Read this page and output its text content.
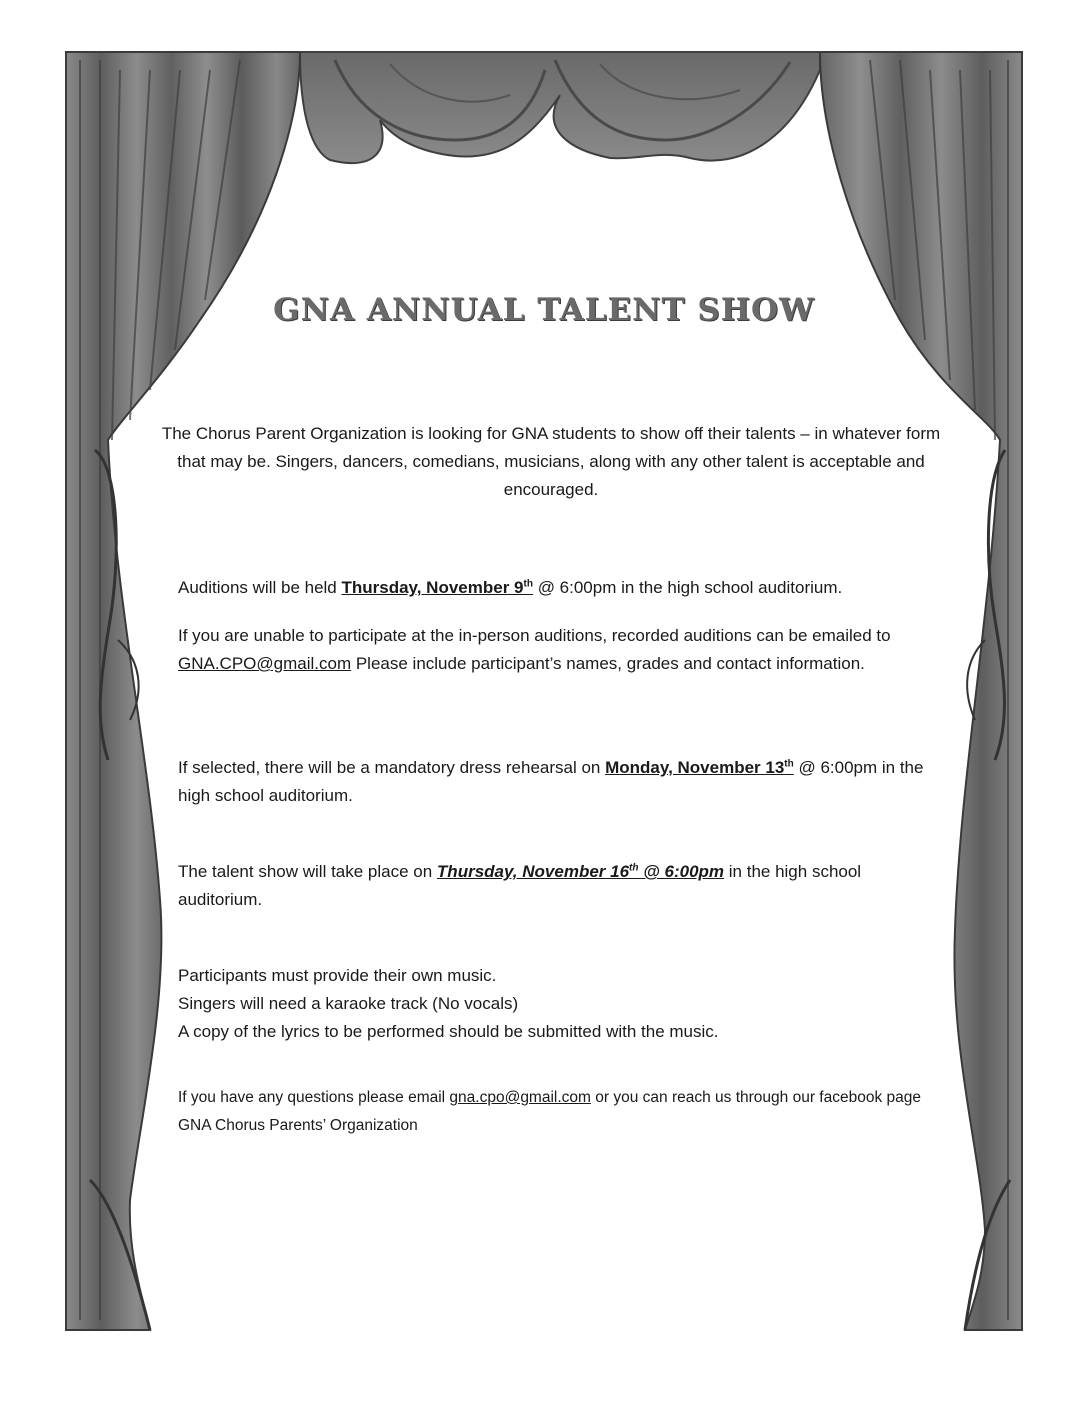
GNA ANNUAL TALENT SHOW
The Chorus Parent Organization is looking for GNA students to show off their talents – in whatever form that may be. Singers, dancers, comedians, musicians, along with any other talent is acceptable and encouraged.
Auditions will be held Thursday, November 9th @ 6:00pm in the high school auditorium.
If you are unable to participate at the in-person auditions, recorded auditions can be emailed to GNA.CPO@gmail.com Please include participant’s names, grades and contact information.
If selected, there will be a mandatory dress rehearsal on Monday, November 13th @ 6:00pm in the high school auditorium.
The talent show will take place on Thursday, November 16th @ 6:00pm in the high school auditorium.
Participants must provide their own music.
Singers will need a karaoke track (No vocals)
A copy of the lyrics to be performed should be submitted with the music.
If you have any questions please email gna.cpo@gmail.com or you can reach us through our facebook page GNA Chorus Parents’ Organization
